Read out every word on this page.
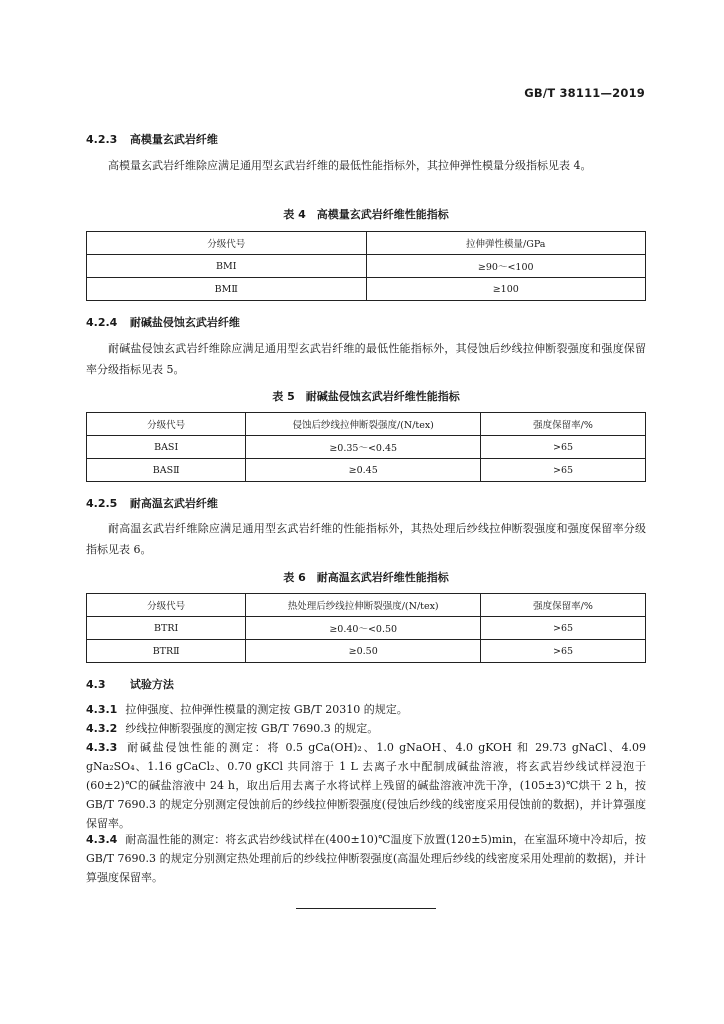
GB/T 38111—2019
4.2.3 高模量玄武岩纤维
高模量玄武岩纤维除应满足通用型玄武岩纤维的最低性能指标外，其拉伸弹性模量分级指标见表 4。
表 4　高模量玄武岩纤维性能指标
分级代号	拉伸弹性模量/GPa
BMⅠ	≥90～<100
BMⅡ	≥100
4.2.4 耐碱盐侵蚀玄武岩纤维
耐碱盐侵蚀玄武岩纤维除应满足通用型玄武岩纤维的最低性能指标外，其侵蚀后纱线拉伸断裂强度和强度保留率分级指标见表 5。
表 5　耐碱盐侵蚀玄武岩纤维性能指标
分级代号	侵蚀后纱线拉伸断裂强度/(N/tex)	强度保留率/%
BASⅠ	≥0.35～<0.45	>65
BASⅡ	≥0.45	>65
4.2.5 耐高温玄武岩纤维
耐高温玄武岩纤维除应满足通用型玄武岩纤维的性能指标外，其热处理后纱线拉伸断裂强度和强度保留率分级指标见表 6。
表 6　耐高温玄武岩纤维性能指标
分级代号	热处理后纱线拉伸断裂强度/(N/tex)	强度保留率/%
BTRⅠ	≥0.40～<0.50	>65
BTRⅡ	≥0.50	>65
4.3 试验方法
4.3.1 拉伸强度、拉伸弹性模量的测定按 GB/T 20310 的规定。
4.3.2 纱线拉伸断裂强度的测定按 GB/T 7690.3 的规定。
4.3.3 耐碱盐侵蚀性能的测定：将 0.5 gCa(OH)₂、1.0 gNaOH、4.0 gKOH 和 29.73 gNaCl、4.09 gNa₂SO₄、1.16 gCaCl₂、0.70 gKCl 共同溶于 1 L 去离子水中配制成碱盐溶液，将玄武岩纱线试样浸泡于(60±2)℃的碱盐溶液中 24 h，取出后用去离子水将试样上残留的碱盐溶液冲洗干净，(105±3)℃烘干 2 h，按 GB/T 7690.3 的规定分别测定侵蚀前后的纱线拉伸断裂强度(侵蚀后纱线的线密度采用侵蚀前的数据)，并计算强度保留率。
4.3.4 耐高温性能的测定：将玄武岩纱线试样在(400±10)℃温度下放置(120±5)min，在室温环境中冷却后，按 GB/T 7690.3 的规定分别测定热处理前后的纱线拉伸断裂强度(高温处理后纱线的线密度采用处理前的数据)，并计算强度保留率。
